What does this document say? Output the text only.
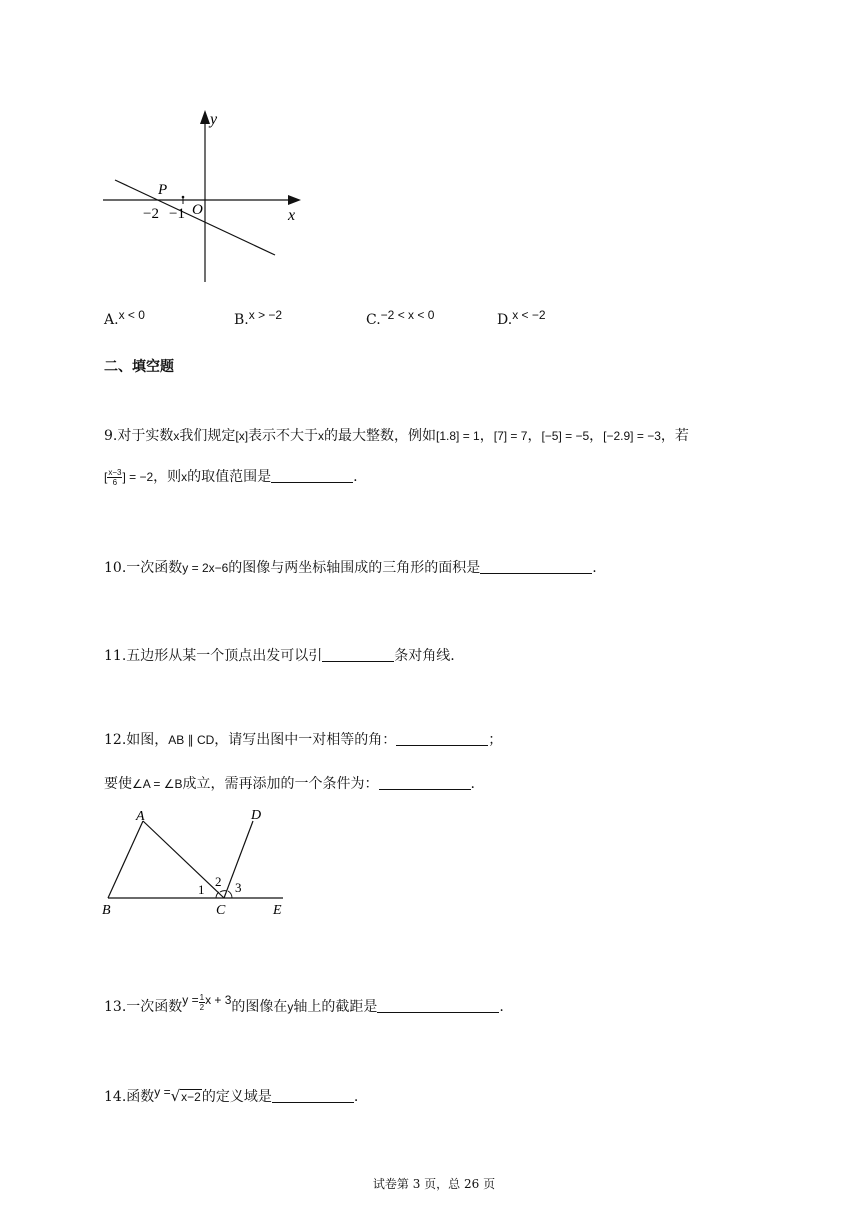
y
x
P
−2 −1 O
A.x < 0	B.x > −2	C.−2 < x < 0	D.x < −2
二、填空题
9.对于实数x我们规定[x]表示不大于x的最大整数，例如[1.8] = 1，[7] = 7，[−5] = −5，[−2.9] = −3，若
[ $\frac{x-3}{6}$ ] = −2，则x的取值范围是	.
10.一次函数y = 2x−6的图像与两坐标轴围成的三角形的面积是	.
11.五边形从某一个顶点出发可以引	条对角线.
12.如图，AB ∥ CD，请写出图中一对相等的角：	；
要使∠A = ∠B成立，需再添加的一个条件为：	.
A
B	C
D
E
1
2 3
13.一次函数$y = \frac{1}{2}$ x + 3的图像在y轴上的截距是	.
14.函数y =√x−2的定义域是	.
试卷第 3 页，总 26 页
